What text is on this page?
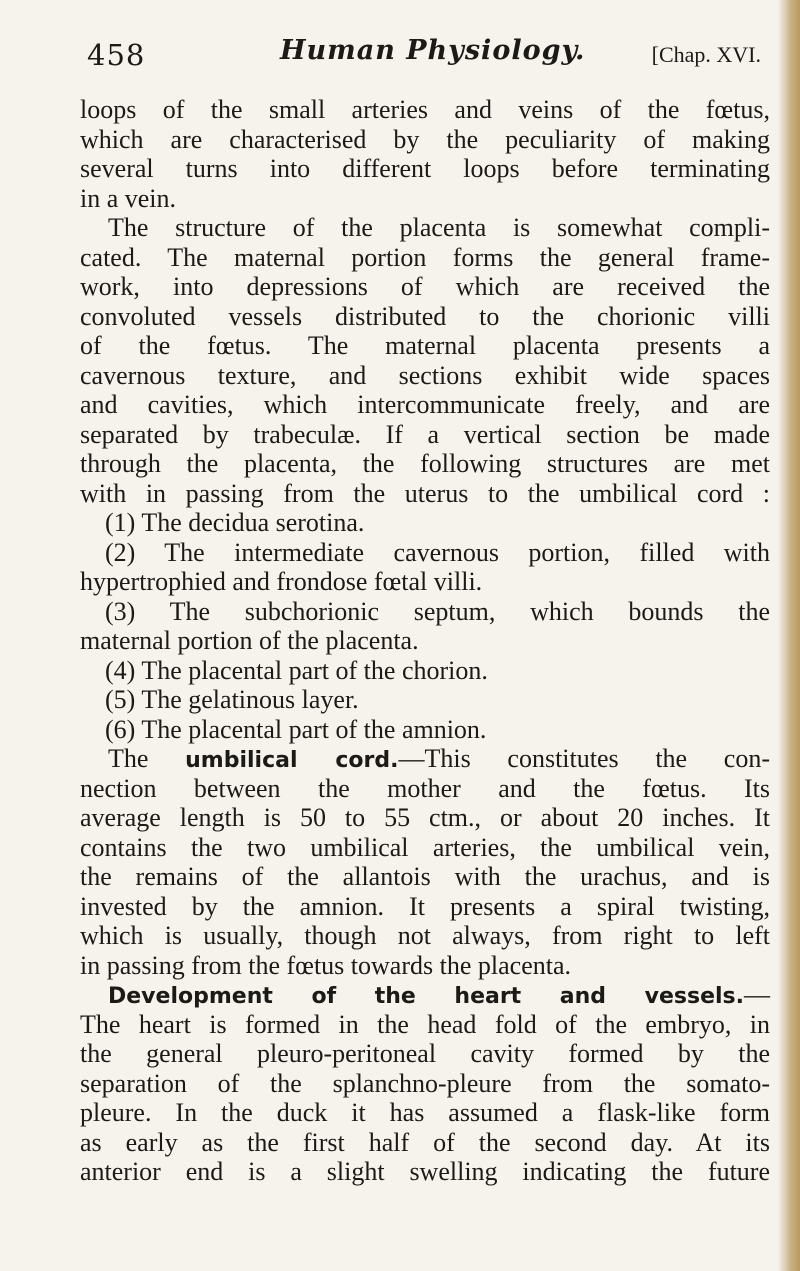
458	Human Physiology.	[Chap. XVI.
loops of the small arteries and veins of the fœtus,
which are characterised by the peculiarity of making
several turns into different loops before terminating
in a vein.
The structure of the placenta is somewhat compli-
cated. The maternal portion forms the general frame-
work, into depressions of which are received the
convoluted vessels distributed to the chorionic villi
of the fœtus. The maternal placenta presents a
cavernous texture, and sections exhibit wide spaces
and cavities, which intercommunicate freely, and are
separated by trabeculæ. If a vertical section be made
through the placenta, the following structures are met
with in passing from the uterus to the umbilical cord :
(1) The decidua serotina.
(2) The intermediate cavernous portion, filled with
hypertrophied and frondose fœtal villi.
(3) The subchorionic septum, which bounds the
maternal portion of the placenta.
(4) The placental part of the chorion.
(5) The gelatinous layer.
(6) The placental part of the amnion.
The umbilical cord.—This constitutes the con-
nection between the mother and the fœtus. Its
average length is 50 to 55 ctm., or about 20 inches. It
contains the two umbilical arteries, the umbilical vein,
the remains of the allantois with the urachus, and is
invested by the amnion. It presents a spiral twisting,
which is usually, though not always, from right to left
in passing from the fœtus towards the placenta.
Development of the heart and vessels.—
The heart is formed in the head fold of the embryo, in
the general pleuro-peritoneal cavity formed by the
separation of the splanchno-pleure from the somato-
pleure. In the duck it has assumed a flask-like form
as early as the first half of the second day. At its
anterior end is a slight swelling indicating the future
